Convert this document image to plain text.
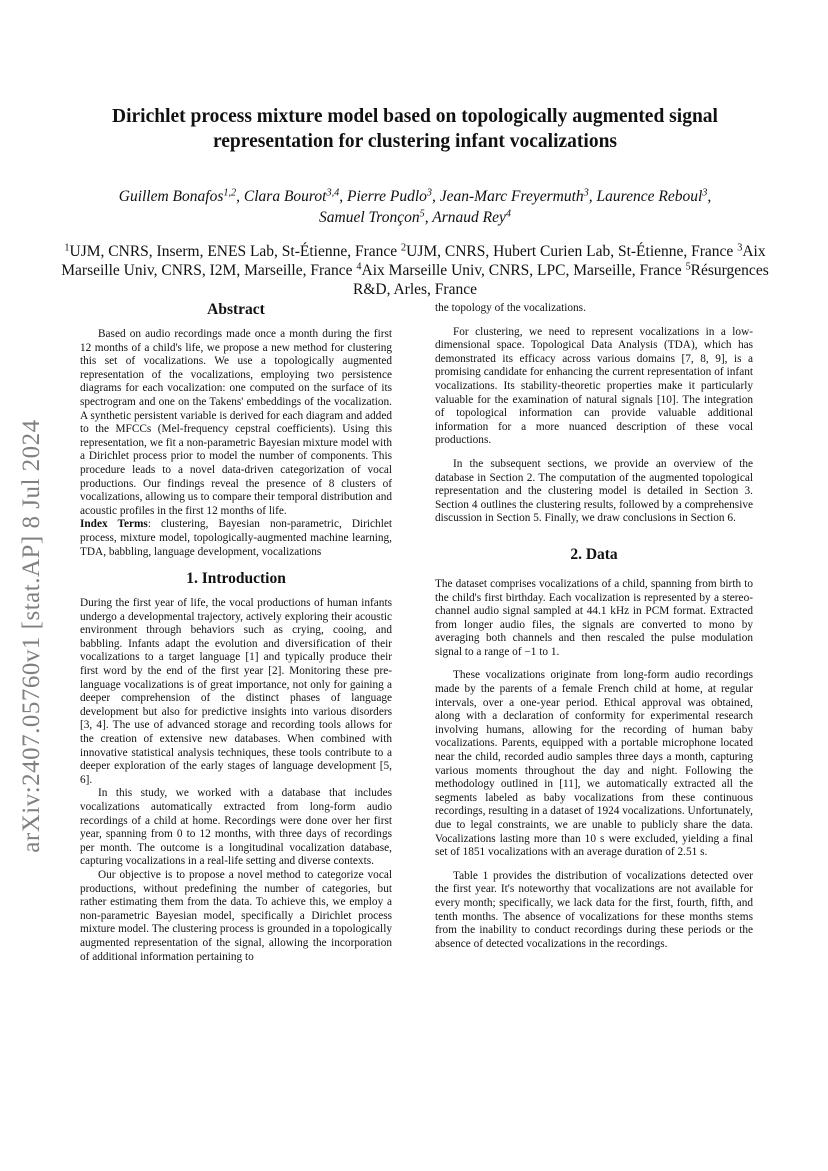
arXiv:2407.05760v1 [stat.AP] 8 Jul 2024
Dirichlet process mixture model based on topologically augmented signal
representation for clustering infant vocalizations
Guillem Bonafos$^{1,2}$, Clara Bourot$^{3,4}$, Pierre Pudlo$^3$, Jean-Marc Freyermuth$^3$, Laurence Reboul$^3$,
Samuel Tronçon$^5$, Arnaud Rey$^4$
$^1$UJM, CNRS, Inserm, ENES Lab, St-Étienne, France $^2$UJM, CNRS, Hubert Curien Lab, St-Étienne, France $^3$Aix Marseille Univ, CNRS, I2M, Marseille, France $^4$Aix Marseille Univ, CNRS, LPC, Marseille, France $^5$Résurgences R&D, Arles, France
Abstract

Based on audio recordings made once a month during the first 12 months of a child's life, we propose a new method for clustering this set of vocalizations. We use a topologically augmented representation of the vocalizations, employing two persistence diagrams for each vocalization: one computed on the surface of its spectrogram and one on the Takens' embeddings of the vocalization. A synthetic persistent variable is derived for each diagram and added to the MFCCs (Mel-frequency cepstral coefficients). Using this representation, we fit a non-parametric Bayesian mixture model with a Dirichlet process prior to model the number of components. This procedure leads to a novel data-driven categorization of vocal productions. Our findings reveal the presence of 8 clusters of vocalizations, allowing us to compare their temporal distribution and acoustic profiles in the first 12 months of life.

Index Terms: clustering, Bayesian non-parametric, Dirichlet process, mixture model, topologically-augmented machine learning, TDA, babbling, language development, vocalizations

1. Introduction

During the first year of life, the vocal productions of human infants undergo a developmental trajectory, actively exploring their acoustic environment through behaviors such as crying, cooing, and babbling. Infants adapt the evolution and diversification of their vocalizations to a target language [1] and typically produce their first word by the end of the first year [2]. Monitoring these pre-language vocalizations is of great importance, not only for gaining a deeper comprehension of the distinct phases of language development but also for predictive insights into various disorders [3, 4]. The use of advanced storage and recording tools allows for the creation of extensive new databases. When combined with innovative statistical analysis techniques, these tools contribute to a deeper exploration of the early stages of language development [5, 6].

In this study, we worked with a database that includes vocalizations automatically extracted from long-form audio recordings of a child at home. Recordings were done over her first year, spanning from 0 to 12 months, with three days of recordings per month. The outcome is a longitudinal vocalization database, capturing vocalizations in a real-life setting and diverse contexts.

Our objective is to propose a novel method to categorize vocal productions, without predefining the number of categories, but rather estimating them from the data. To achieve this, we employ a non-parametric Bayesian model, specifically a Dirichlet process mixture model. The clustering process is grounded in a topologically augmented representation of the signal, allowing the incorporation of additional information pertaining to

the topology of the vocalizations.

For clustering, we need to represent vocalizations in a low-dimensional space. Topological Data Analysis (TDA), which has demonstrated its efficacy across various domains [7, 8, 9], is a promising candidate for enhancing the current representation of infant vocalizations. Its stability-theoretic properties make it particularly valuable for the examination of natural signals [10]. The integration of topological information can provide valuable additional information for a more nuanced description of these vocal productions.

In the subsequent sections, we provide an overview of the database in Section 2. The computation of the augmented topological representation and the clustering model is detailed in Section 3. Section 4 outlines the clustering results, followed by a comprehensive discussion in Section 5. Finally, we draw conclusions in Section 6.

2. Data

The dataset comprises vocalizations of a child, spanning from birth to the child's first birthday. Each vocalization is represented by a stereo-channel audio signal sampled at 44.1 kHz in PCM format. Extracted from longer audio files, the signals are converted to mono by averaging both channels and then rescaled the pulse modulation signal to a range of −1 to 1.

These vocalizations originate from long-form audio recordings made by the parents of a female French child at home, at regular intervals, over a one-year period. Ethical approval was obtained, along with a declaration of conformity for experimental research involving humans, allowing for the recording of human baby vocalizations. Parents, equipped with a portable microphone located near the child, recorded audio samples three days a month, capturing various moments throughout the day and night. Following the methodology outlined in [11], we automatically extracted all the segments labeled as baby vocalizations from these continuous recordings, resulting in a dataset of 1924 vocalizations. Unfortunately, due to legal constraints, we are unable to publicly share the data. Vocalizations lasting more than 10 s were excluded, yielding a final set of 1851 vocalizations with an average duration of 2.51 s.

Table 1 provides the distribution of vocalizations detected over the first year. It's noteworthy that vocalizations are not available for every month; specifically, we lack data for the first, fourth, fifth, and tenth months. The absence of vocalizations for these months stems from the inability to conduct recordings during these periods or the absence of detected vocalizations in the recordings.
